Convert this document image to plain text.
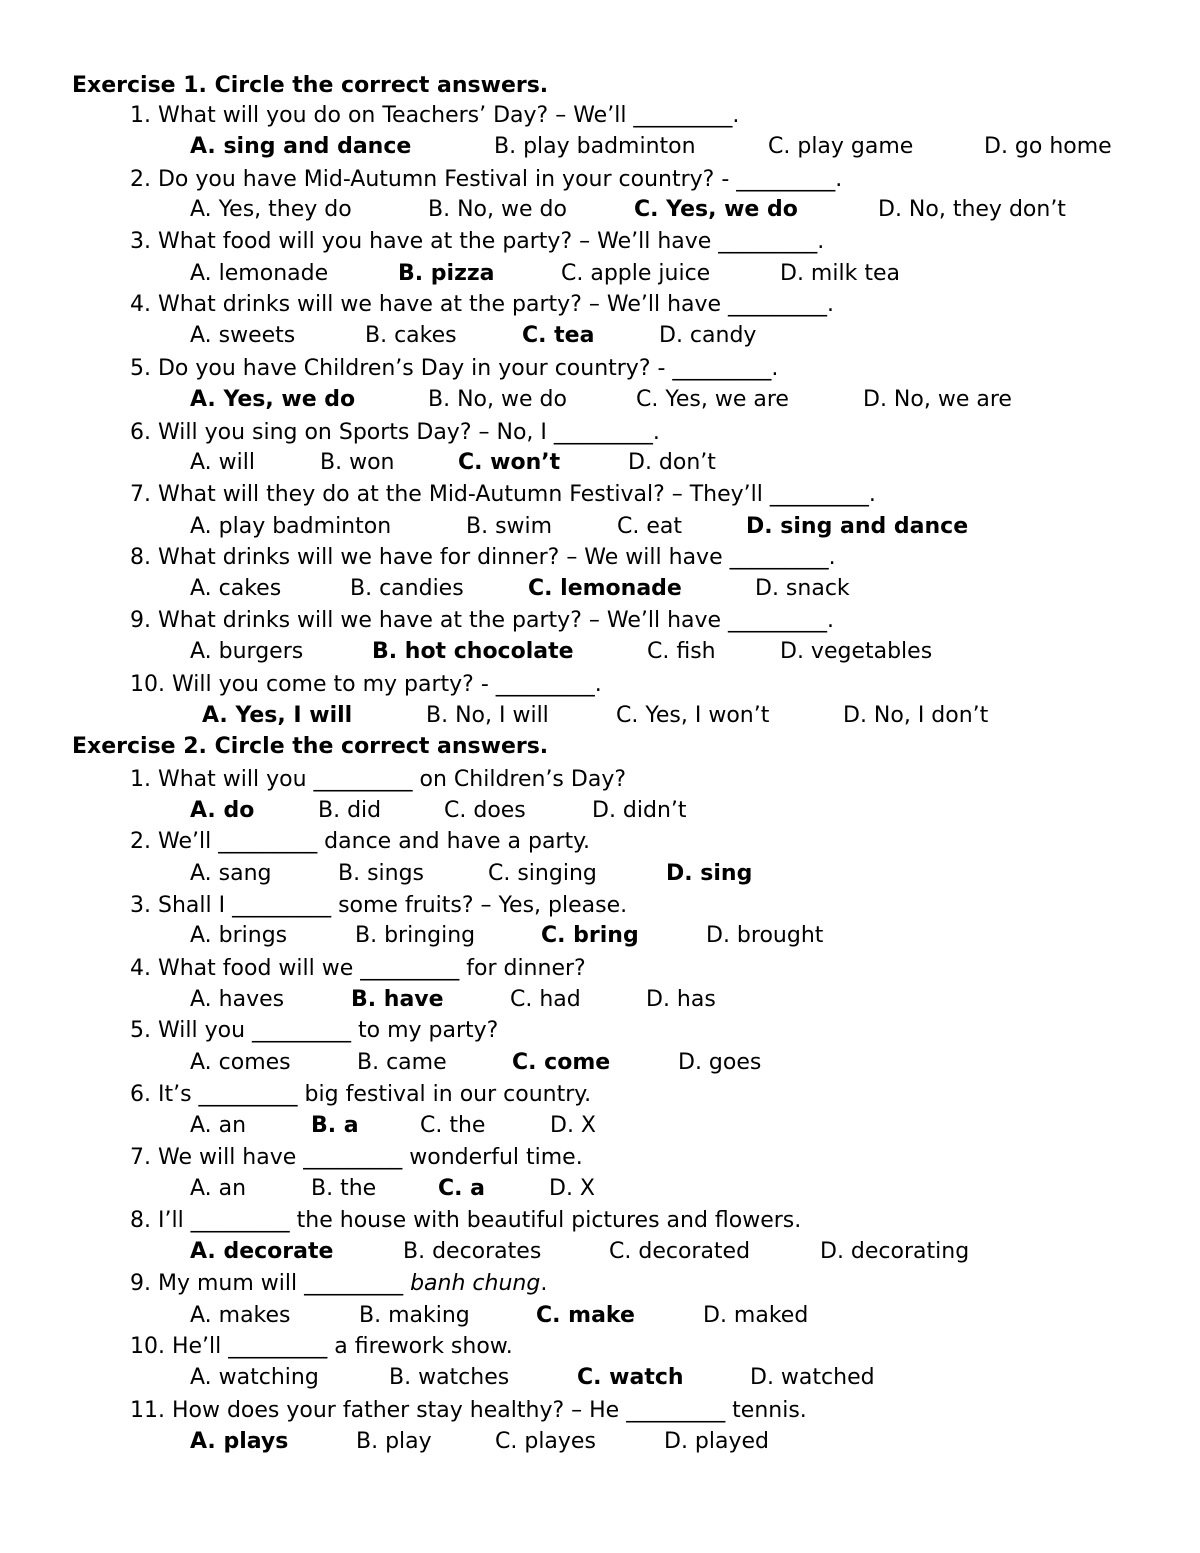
Exercise 1. Circle the correct answers.
1. What will you do on Teachers’ Day? – We’ll _________.
A. sing and dance	B. play badminton	C. play game	D. go home
2. Do you have Mid-Autumn Festival in your country? - _________.
A. Yes, they do	B. No, we do	C. Yes, we do	D. No, they don’t
3. What food will you have at the party? – We’ll have _________.
A. lemonade	B. pizza	C. apple juice	D. milk tea
4. What drinks will we have at the party? – We’ll have _________.
A. sweets	B. cakes	C. tea	D. candy
5. Do you have Children’s Day in your country? - _________.
A. Yes, we do	B. No, we do	C. Yes, we are	D. No, we are
6. Will you sing on Sports Day? – No, I _________.
A. will	B. won	C. won’t	D. don’t
7. What will they do at the Mid-Autumn Festival? – They’ll _________.
A. play badminton	B. swim	C. eat	D. sing and dance
8. What drinks will we have for dinner? – We will have _________.
A. cakes	B. candies	C. lemonade	D. snack
9. What drinks will we have at the party? – We’ll have _________.
A. burgers	B. hot chocolate	C. fish	D. vegetables
10. Will you come to my party? - _________.
A. Yes, I will	B. No, I will	C. Yes, I won’t	D. No, I don’t
Exercise 2. Circle the correct answers.
1. What will you _________ on Children’s Day?
A. do	B. did	C. does	D. didn’t
2. We’ll _________ dance and have a party.
A. sang	B. sings	C. singing	D. sing
3. Shall I _________ some fruits? – Yes, please.
A. brings	B. bringing	C. bring	D. brought
4. What food will we _________ for dinner?
A. haves	B. have	C. had	D. has
5. Will you _________ to my party?
A. comes	B. came	C. come	D. goes
6. It’s _________ big festival in our country.
A. an	B. a	C. the	D. X
7. We will have _________ wonderful time.
A. an	B. the	C. a	D. X
8. I’ll _________ the house with beautiful pictures and flowers.
A. decorate	B. decorates	C. decorated	D. decorating
9. My mum will _________ banh chung.
A. makes	B. making	C. make	D. maked
10. He’ll _________ a firework show.
A. watching	B. watches	C. watch	D. watched
11. How does your father stay healthy? – He _________ tennis.
A. plays	B. play	C. playes	D. played
